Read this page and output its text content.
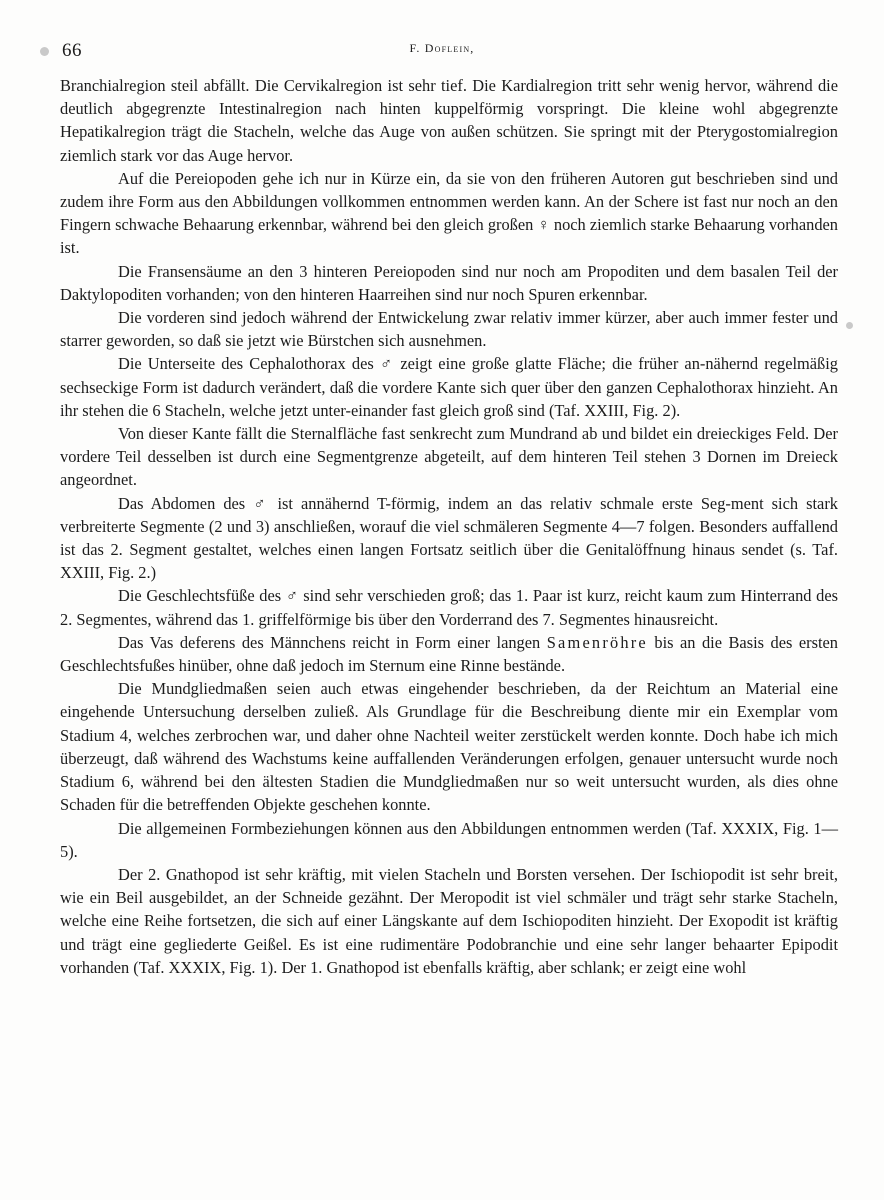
66	F. Doflein,

Branchialregion steil abfällt. Die Cervikalregion ist sehr tief. Die Kardialregion tritt sehr wenig hervor, während die deutlich abgegrenzte Intestinalregion nach hinten kuppelförmig vorspringt. Die kleine wohl abgegrenzte Hepatikalregion trägt die Stacheln, welche das Auge von außen schützen. Sie springt mit der Pterygostomialregion ziemlich stark vor das Auge hervor.

Auf die Pereiopoden gehe ich nur in Kürze ein, da sie von den früheren Autoren gut beschrieben sind und zudem ihre Form aus den Abbildungen vollkommen entnommen werden kann. An der Schere ist fast nur noch an den Fingern schwache Behaarung erkennbar, während bei den gleich großen ♀ noch ziemlich starke Behaarung vorhanden ist.

Die Fransensäume an den 3 hinteren Pereiopoden sind nur noch am Propoditen und dem basalen Teil der Daktylopoditen vorhanden; von den hinteren Haarreihen sind nur noch Spuren erkennbar.

Die vorderen sind jedoch während der Entwickelung zwar relativ immer kürzer, aber auch immer fester und starrer geworden, so daß sie jetzt wie Bürstchen sich ausnehmen.

Die Unterseite des Cephalothorax des ♂ zeigt eine große glatte Fläche; die früher an-nähernd regelmäßig sechseckige Form ist dadurch verändert, daß die vordere Kante sich quer über den ganzen Cephalothorax hinzieht. An ihr stehen die 6 Stacheln, welche jetzt unter-einander fast gleich groß sind (Taf. XXIII, Fig. 2).

Von dieser Kante fällt die Sternalfläche fast senkrecht zum Mundrand ab und bildet ein dreieckiges Feld. Der vordere Teil desselben ist durch eine Segmentgrenze abgeteilt, auf dem hinteren Teil stehen 3 Dornen im Dreieck angeordnet.

Das Abdomen des ♂ ist annähernd T-förmig, indem an das relativ schmale erste Seg-ment sich stark verbreiterte Segmente (2 und 3) anschließen, worauf die viel schmäleren Segmente 4—7 folgen. Besonders auffallend ist das 2. Segment gestaltet, welches einen langen Fortsatz seitlich über die Genitalöffnung hinaus sendet (s. Taf. XXIII, Fig. 2.)

Die Geschlechtsfüße des ♂ sind sehr verschieden groß; das 1. Paar ist kurz, reicht kaum zum Hinterrand des 2. Segmentes, während das 1. griffelförmige bis über den Vorderrand des 7. Segmentes hinausreicht.

Das Vas deferens des Männchens reicht in Form einer langen Samenröhre bis an die Basis des ersten Geschlechtsfußes hinüber, ohne daß jedoch im Sternum eine Rinne bestände.

Die Mundgliedmaßen seien auch etwas eingehender beschrieben, da der Reichtum an Material eine eingehende Untersuchung derselben zuließ. Als Grundlage für die Beschreibung diente mir ein Exemplar vom Stadium 4, welches zerbrochen war, und daher ohne Nachteil weiter zerstückelt werden konnte. Doch habe ich mich überzeugt, daß während des Wachstums keine auffallenden Veränderungen erfolgen, genauer untersucht wurde noch Stadium 6, während bei den ältesten Stadien die Mundgliedmaßen nur so weit untersucht wurden, als dies ohne Schaden für die betreffenden Objekte geschehen konnte.

Die allgemeinen Formbeziehungen können aus den Abbildungen entnommen werden (Taf. XXXIX, Fig. 1—5).

Der 2. Gnathopod ist sehr kräftig, mit vielen Stacheln und Borsten versehen. Der Ischiopodit ist sehr breit, wie ein Beil ausgebildet, an der Schneide gezähnt. Der Meropodit ist viel schmäler und trägt sehr starke Stacheln, welche eine Reihe fortsetzen, die sich auf einer Längskante auf dem Ischiopoditen hinzieht. Der Exopodit ist kräftig und trägt eine gegliederte Geißel. Es ist eine rudimentäre Podobranchie und eine sehr langer behaarter Epipodit vorhanden (Taf. XXXIX, Fig. 1). Der 1. Gnathopod ist ebenfalls kräftig, aber schlank; er zeigt eine wohl
